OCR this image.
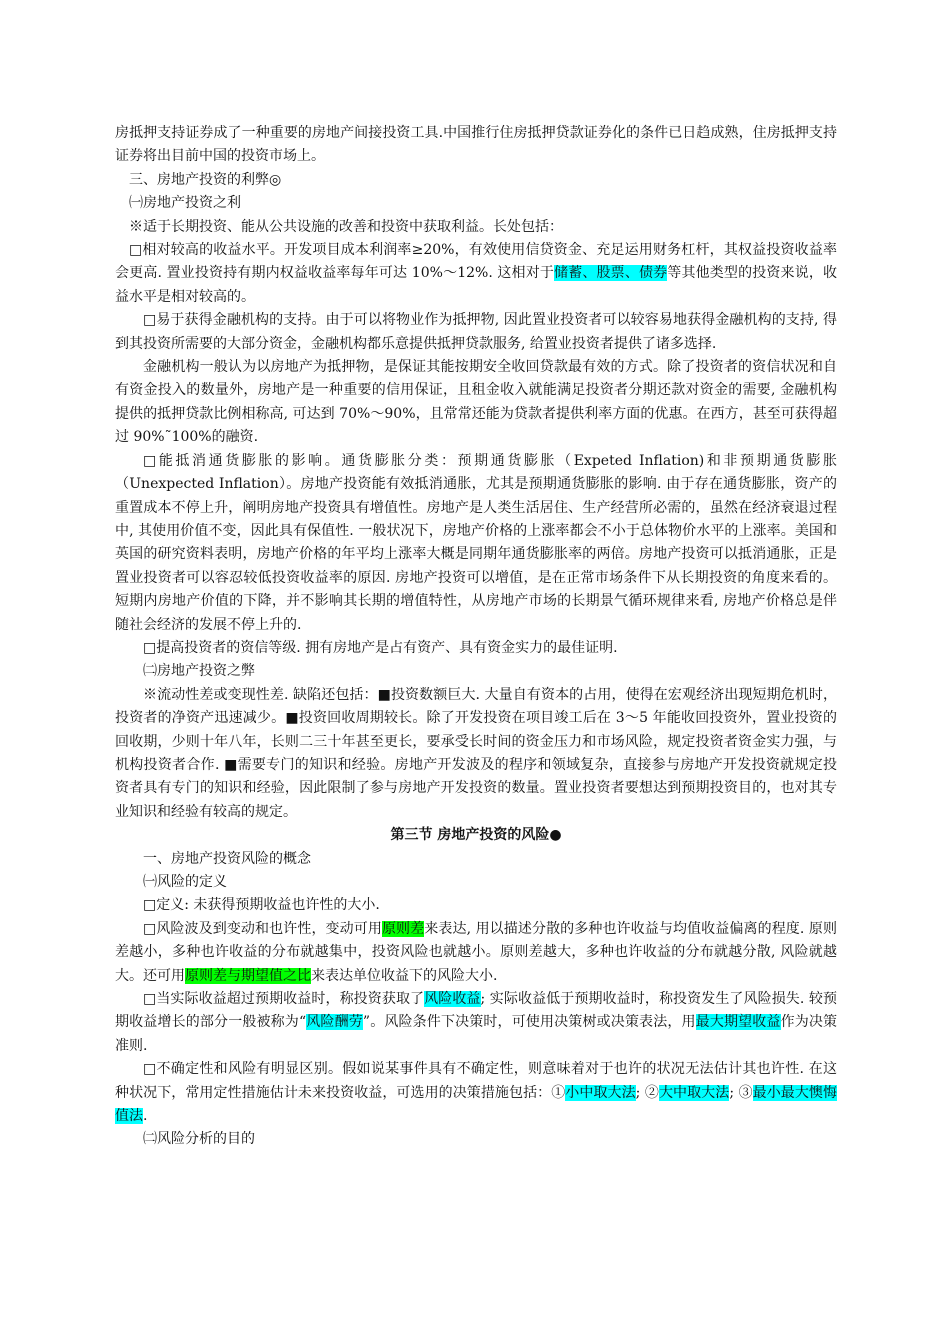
房抵押支持证券成了一种重要的房地产间接投资工具.中国推行住房抵押贷款证券化的条件已日趋成熟，住房抵押支持证券将出目前中国的投资市场上。

三、房地产投资的利弊◎

㈠房地产投资之利

※适于长期投资、能从公共设施的改善和投资中获取利益。长处包括：

□相对较高的收益水平。开发项目成本利润率≥20%，有效使用信贷资金、充足运用财务杠杆，其权益投资收益率会更高. 置业投资持有期内权益收益率每年可达 10%～12%. 这相对于储蓄、股票、债券等其他类型的投资来说，收益水平是相对较高的。

□易于获得金融机构的支持。由于可以将物业作为抵押物, 因此置业投资者可以较容易地获得金融机构的支持, 得到其投资所需要的大部分资金，金融机构都乐意提供抵押贷款服务, 给置业投资者提供了诸多选择.

金融机构一般认为以房地产为抵押物，是保证其能按期安全收回贷款最有效的方式。除了投资者的资信状况和自有资金投入的数量外，房地产是一种重要的信用保证，且租金收入就能满足投资者分期还款对资金的需要, 金融机构提供的抵押贷款比例相称高, 可达到 70%～90%，且常常还能为贷款者提供利率方面的优惠。在西方，甚至可获得超过 90%˜100%的融资.

□能抵消通货膨胀的影响。通货膨胀分类：预期通货膨胀（Expeted Inflation)和非预期通货膨胀（Unexpected Inflation）。房地产投资能有效抵消通胀，尤其是预期通货膨胀的影响. 由于存在通货膨胀，资产的重置成本不停上升，阐明房地产投资具有增值性。房地产是人类生活居住、生产经营所必需的，虽然在经济衰退过程中, 其使用价值不变，因此具有保值性. 一般状况下，房地产价格的上涨率都会不小于总体物价水平的上涨率。美国和英国的研究资料表明，房地产价格的年平均上涨率大概是同期年通货膨胀率的两倍。房地产投资可以抵消通胀，正是置业投资者可以容忍较低投资收益率的原因. 房地产投资可以增值，是在正常市场条件下从长期投资的角度来看的。短期内房地产价值的下降，并不影响其长期的增值特性，从房地产市场的长期景气循环规律来看, 房地产价格总是伴随社会经济的发展不停上升的.

□提高投资者的资信等级. 拥有房地产是占有资产、具有资金实力的最佳证明.

㈡房地产投资之弊

※流动性差或变现性差. 缺陷还包括：■投资数额巨大. 大量自有资本的占用，使得在宏观经济出现短期危机时，投资者的净资产迅速减少。■投资回收周期较长。除了开发投资在项目竣工后在 3～5 年能收回投资外，置业投资的回收期，少则十年八年，长则二三十年甚至更长，要承受长时间的资金压力和市场风险，规定投资者资金实力强，与机构投资者合作. ■需要专门的知识和经验。房地产开发波及的程序和领域复杂，直接参与房地产开发投资就规定投资者具有专门的知识和经验，因此限制了参与房地产开发投资的数量。置业投资者要想达到预期投资目的，也对其专业知识和经验有较高的规定。

第三节 房地产投资的风险●

一、房地产投资风险的概念

㈠风险的定义

□定义: 未获得预期收益也许性的大小.

□风险波及到变动和也许性，变动可用原则差来表达, 用以描述分散的多种也许收益与均值收益偏离的程度. 原则差越小，多种也许收益的分布就越集中，投资风险也就越小。原则差越大，多种也许收益的分布就越分散, 风险就越大。还可用原则差与期望值之比来表达单位收益下的风险大小.

□当实际收益超过预期收益时，称投资获取了风险收益; 实际收益低于预期收益时，称投资发生了风险损失. 较预期收益增长的部分一般被称为“风险酬劳”。风险条件下决策时，可使用决策树或决策表法，用最大期望收益作为决策准则.

□不确定性和风险有明显区别。假如说某事件具有不确定性，则意味着对于也许的状况无法估计其也许性. 在这种状况下，常用定性措施估计未来投资收益，可选用的决策措施包括：①小中取大法; ②大中取大法; ③最小最大懊悔值法.

㈡风险分析的目的
